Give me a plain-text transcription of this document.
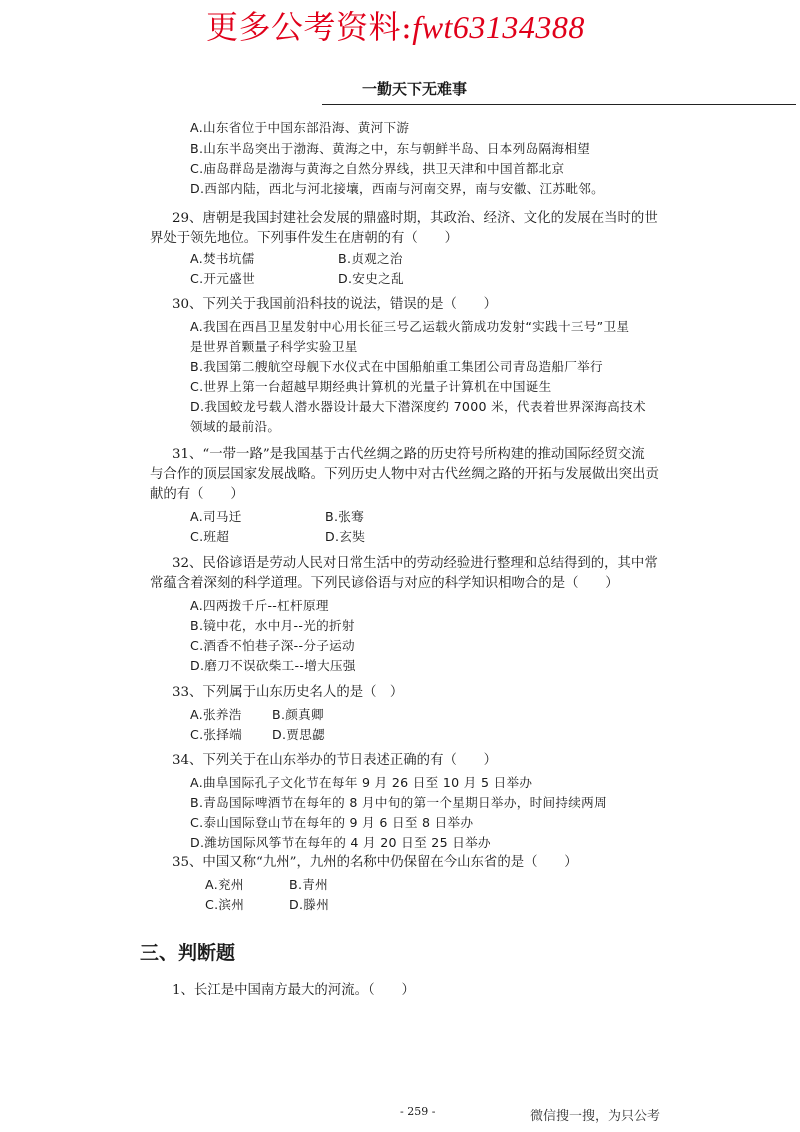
更多公考资料:fwt63134388
一勤天下无难事
A.山东省位于中国东部沿海、黄河下游
B.山东半岛突出于渤海、黄海之中，东与朝鲜半岛、日本列岛隔海相望
C.庙岛群岛是渤海与黄海之自然分界线，拱卫天津和中国首都北京
D.西部内陆，西北与河北接壤，西南与河南交界，南与安徽、江苏毗邻。
29、唐朝是我国封建社会发展的鼎盛时期，其政治、经济、文化的发展在当时的世
界处于领先地位。下列事件发生在唐朝的有（　　）
A.焚书坑儒	B.贞观之治
C.开元盛世	D.安史之乱
30、下列关于我国前沿科技的说法，错误的是（　　）
A.我国在西昌卫星发射中心用长征三号乙运载火箭成功发射“实践十三号”卫星
是世界首颗量子科学实验卫星
B.我国第二艘航空母舰下水仪式在中国船舶重工集团公司青岛造船厂举行
C.世界上第一台超越早期经典计算机的光量子计算机在中国诞生
D.我国蛟龙号载人潜水器设计最大下潜深度约 7000 米，代表着世界深海高技术
领域的最前沿。
31、“一带一路”是我国基于古代丝绸之路的历史符号所构建的推动国际经贸交流
与合作的顶层国家发展战略。下列历史人物中对古代丝绸之路的开拓与发展做出突出贡
献的有（　　）
A.司马迁	B.张骞
C.班超	D.玄奘
32、民俗谚语是劳动人民对日常生活中的劳动经验进行整理和总结得到的，其中常
常蕴含着深刻的科学道理。下列民谚俗语与对应的科学知识相吻合的是（　　）
A.四两拨千斤--杠杆原理
B.镜中花，水中月--光的折射
C.酒香不怕巷子深--分子运动
D.磨刀不误砍柴工--增大压强
33、下列属于山东历史名人的是（　）
A.张养浩 B.颜真卿
C.张择端 D.贾思勰
34、下列关于在山东举办的节日表述正确的有（　　）
A.曲阜国际孔子文化节在每年 9 月 26 日至 10 月 5 日举办
B.青岛国际啤酒节在每年的 8 月中旬的第一个星期日举办，时间持续两周
C.泰山国际登山节在每年的 9 月 6 日至 8 日举办
D.潍坊国际风筝节在每年的 4 月 20 日至 25 日举办
35、中国又称“九州”，九州的名称中仍保留在今山东省的是（　　）
A.兖州	B.青州
C.滨州	D.滕州
三、判断题
1、长江是中国南方最大的河流。（　　）
- 259 -	微信搜一搜，为只公考
